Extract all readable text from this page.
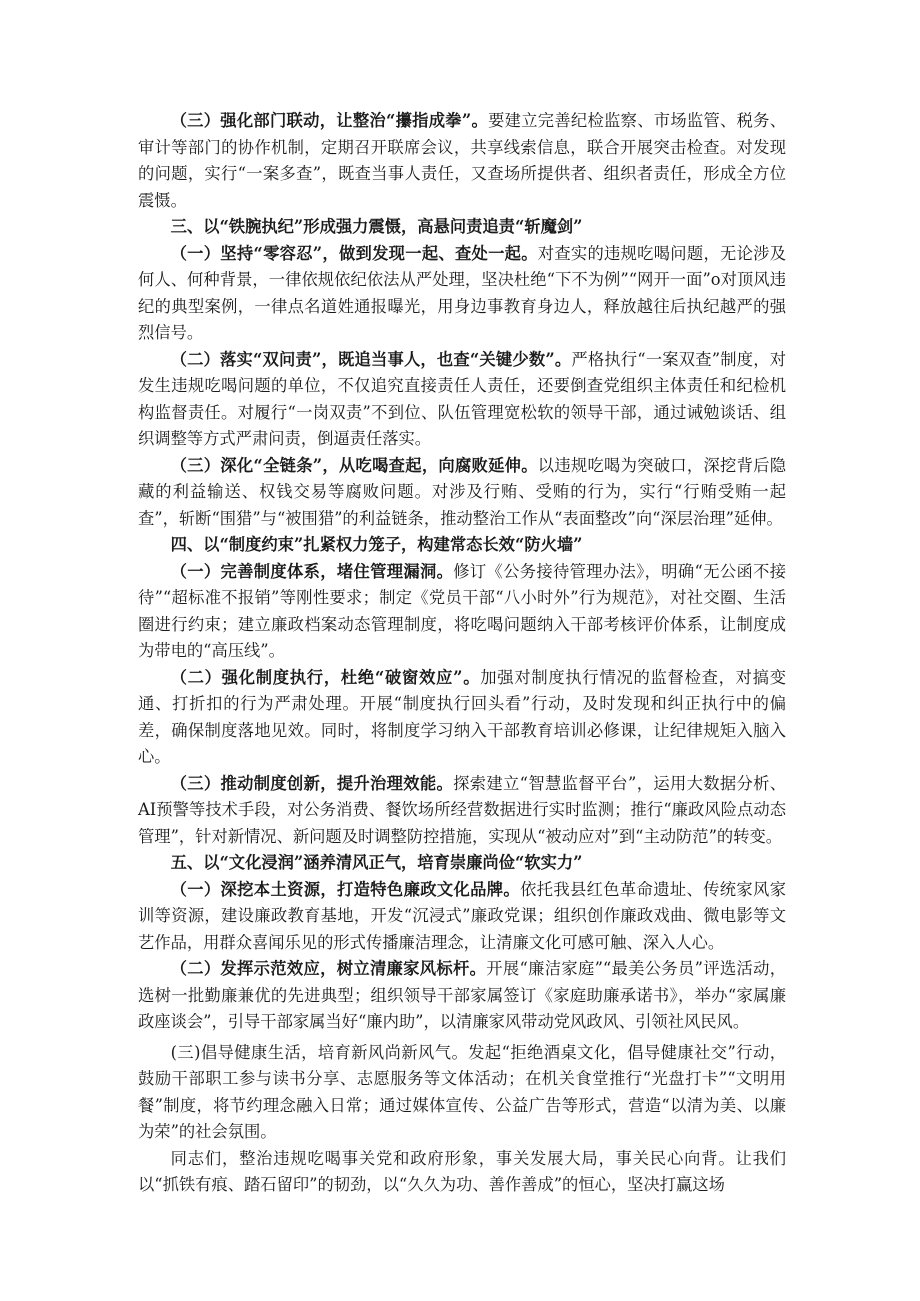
（三）强化部门联动，让整治“攥指成拳”。要建立完善纪检监察、市场监管、税务、审计等部门的协作机制，定期召开联席会议，共享线索信息，联合开展突击检查。对发现的问题，实行“一案多查”，既查当事人责任，又查场所提供者、组织者责任，形成全方位震慑。

三、以“铁腕执纪”形成强力震慑，高悬问责追责“斩魔剑”

（一）坚持“零容忍”，做到发现一起、查处一起。对查实的违规吃喝问题，无论涉及何人、何种背景，一律依规依纪依法从严处理，坚决杜绝“下不为例”“网开一面”o对顶风违纪的典型案例，一律点名道姓通报曝光，用身边事教育身边人，释放越往后执纪越严的强烈信号。

（二）落实“双问责”，既追当事人，也查“关键少数”。严格执行“一案双查”制度，对发生违规吃喝问题的单位，不仅追究直接责任人责任，还要倒查党组织主体责任和纪检机构监督责任。对履行“一岗双责”不到位、队伍管理宽松软的领导干部，通过诫勉谈话、组织调整等方式严肃问责，倒逼责任落实。

（三）深化“全链条”，从吃喝查起，向腐败延伸。以违规吃喝为突破口，深挖背后隐藏的利益输送、权钱交易等腐败问题。对涉及行贿、受贿的行为，实行“行贿受贿一起查”，斩断“围猎”与“被围猎”的利益链条，推动整治工作从“表面整改”向“深层治理”延伸。

四、以“制度约束”扎紧权力笼子，构建常态长效“防火墙”

（一）完善制度体系，堵住管理漏洞。修订《公务接待管理办法》，明确“无公函不接待”“超标准不报销”等刚性要求；制定《党员干部“八小时外”行为规范》，对社交圈、生活圈进行约束；建立廉政档案动态管理制度，将吃喝问题纳入干部考核评价体系，让制度成为带电的“高压线”。

（二）强化制度执行，杜绝“破窗效应”。加强对制度执行情况的监督检查，对搞变通、打折扣的行为严肃处理。开展“制度执行回头看”行动，及时发现和纠正执行中的偏差，确保制度落地见效。同时，将制度学习纳入干部教育培训必修课，让纪律规矩入脑入心。

（三）推动制度创新，提升治理效能。探索建立“智慧监督平台”，运用大数据分析、AI预警等技术手段，对公务消费、餐饮场所经营数据进行实时监测；推行“廉政风险点动态管理”，针对新情况、新问题及时调整防控措施，实现从“被动应对”到“主动防范”的转变。

五、以“文化浸润”涵养清风正气，培育崇廉尚俭“软实力”

（一）深挖本土资源，打造特色廉政文化品牌。依托我县红色革命遗址、传统家风家训等资源，建设廉政教育基地，开发“沉浸式”廉政党课；组织创作廉政戏曲、微电影等文艺作品，用群众喜闻乐见的形式传播廉洁理念，让清廉文化可感可触、深入人心。

（二）发挥示范效应，树立清廉家风标杆。开展“廉洁家庭”“最美公务员”评选活动，选树一批勤廉兼优的先进典型；组织领导干部家属签订《家庭助廉承诺书》，举办“家属廉政座谈会”，引导干部家属当好“廉内助”，以清廉家风带动党风政风、引领社风民风。

(三)倡导健康生活，培育新风尚新风气。发起“拒绝酒桌文化，倡导健康社交”行动，鼓励干部职工参与读书分享、志愿服务等文体活动；在机关食堂推行“光盘打卡”“文明用餐”制度，将节约理念融入日常；通过媒体宣传、公益广告等形式，营造“以清为美、以廉为荣”的社会氛围。

同志们，整治违规吃喝事关党和政府形象，事关发展大局，事关民心向背。让我们以“抓铁有痕、踏石留印”的韧劲，以“久久为功、善作善成”的恒心，坚决打赢这场
